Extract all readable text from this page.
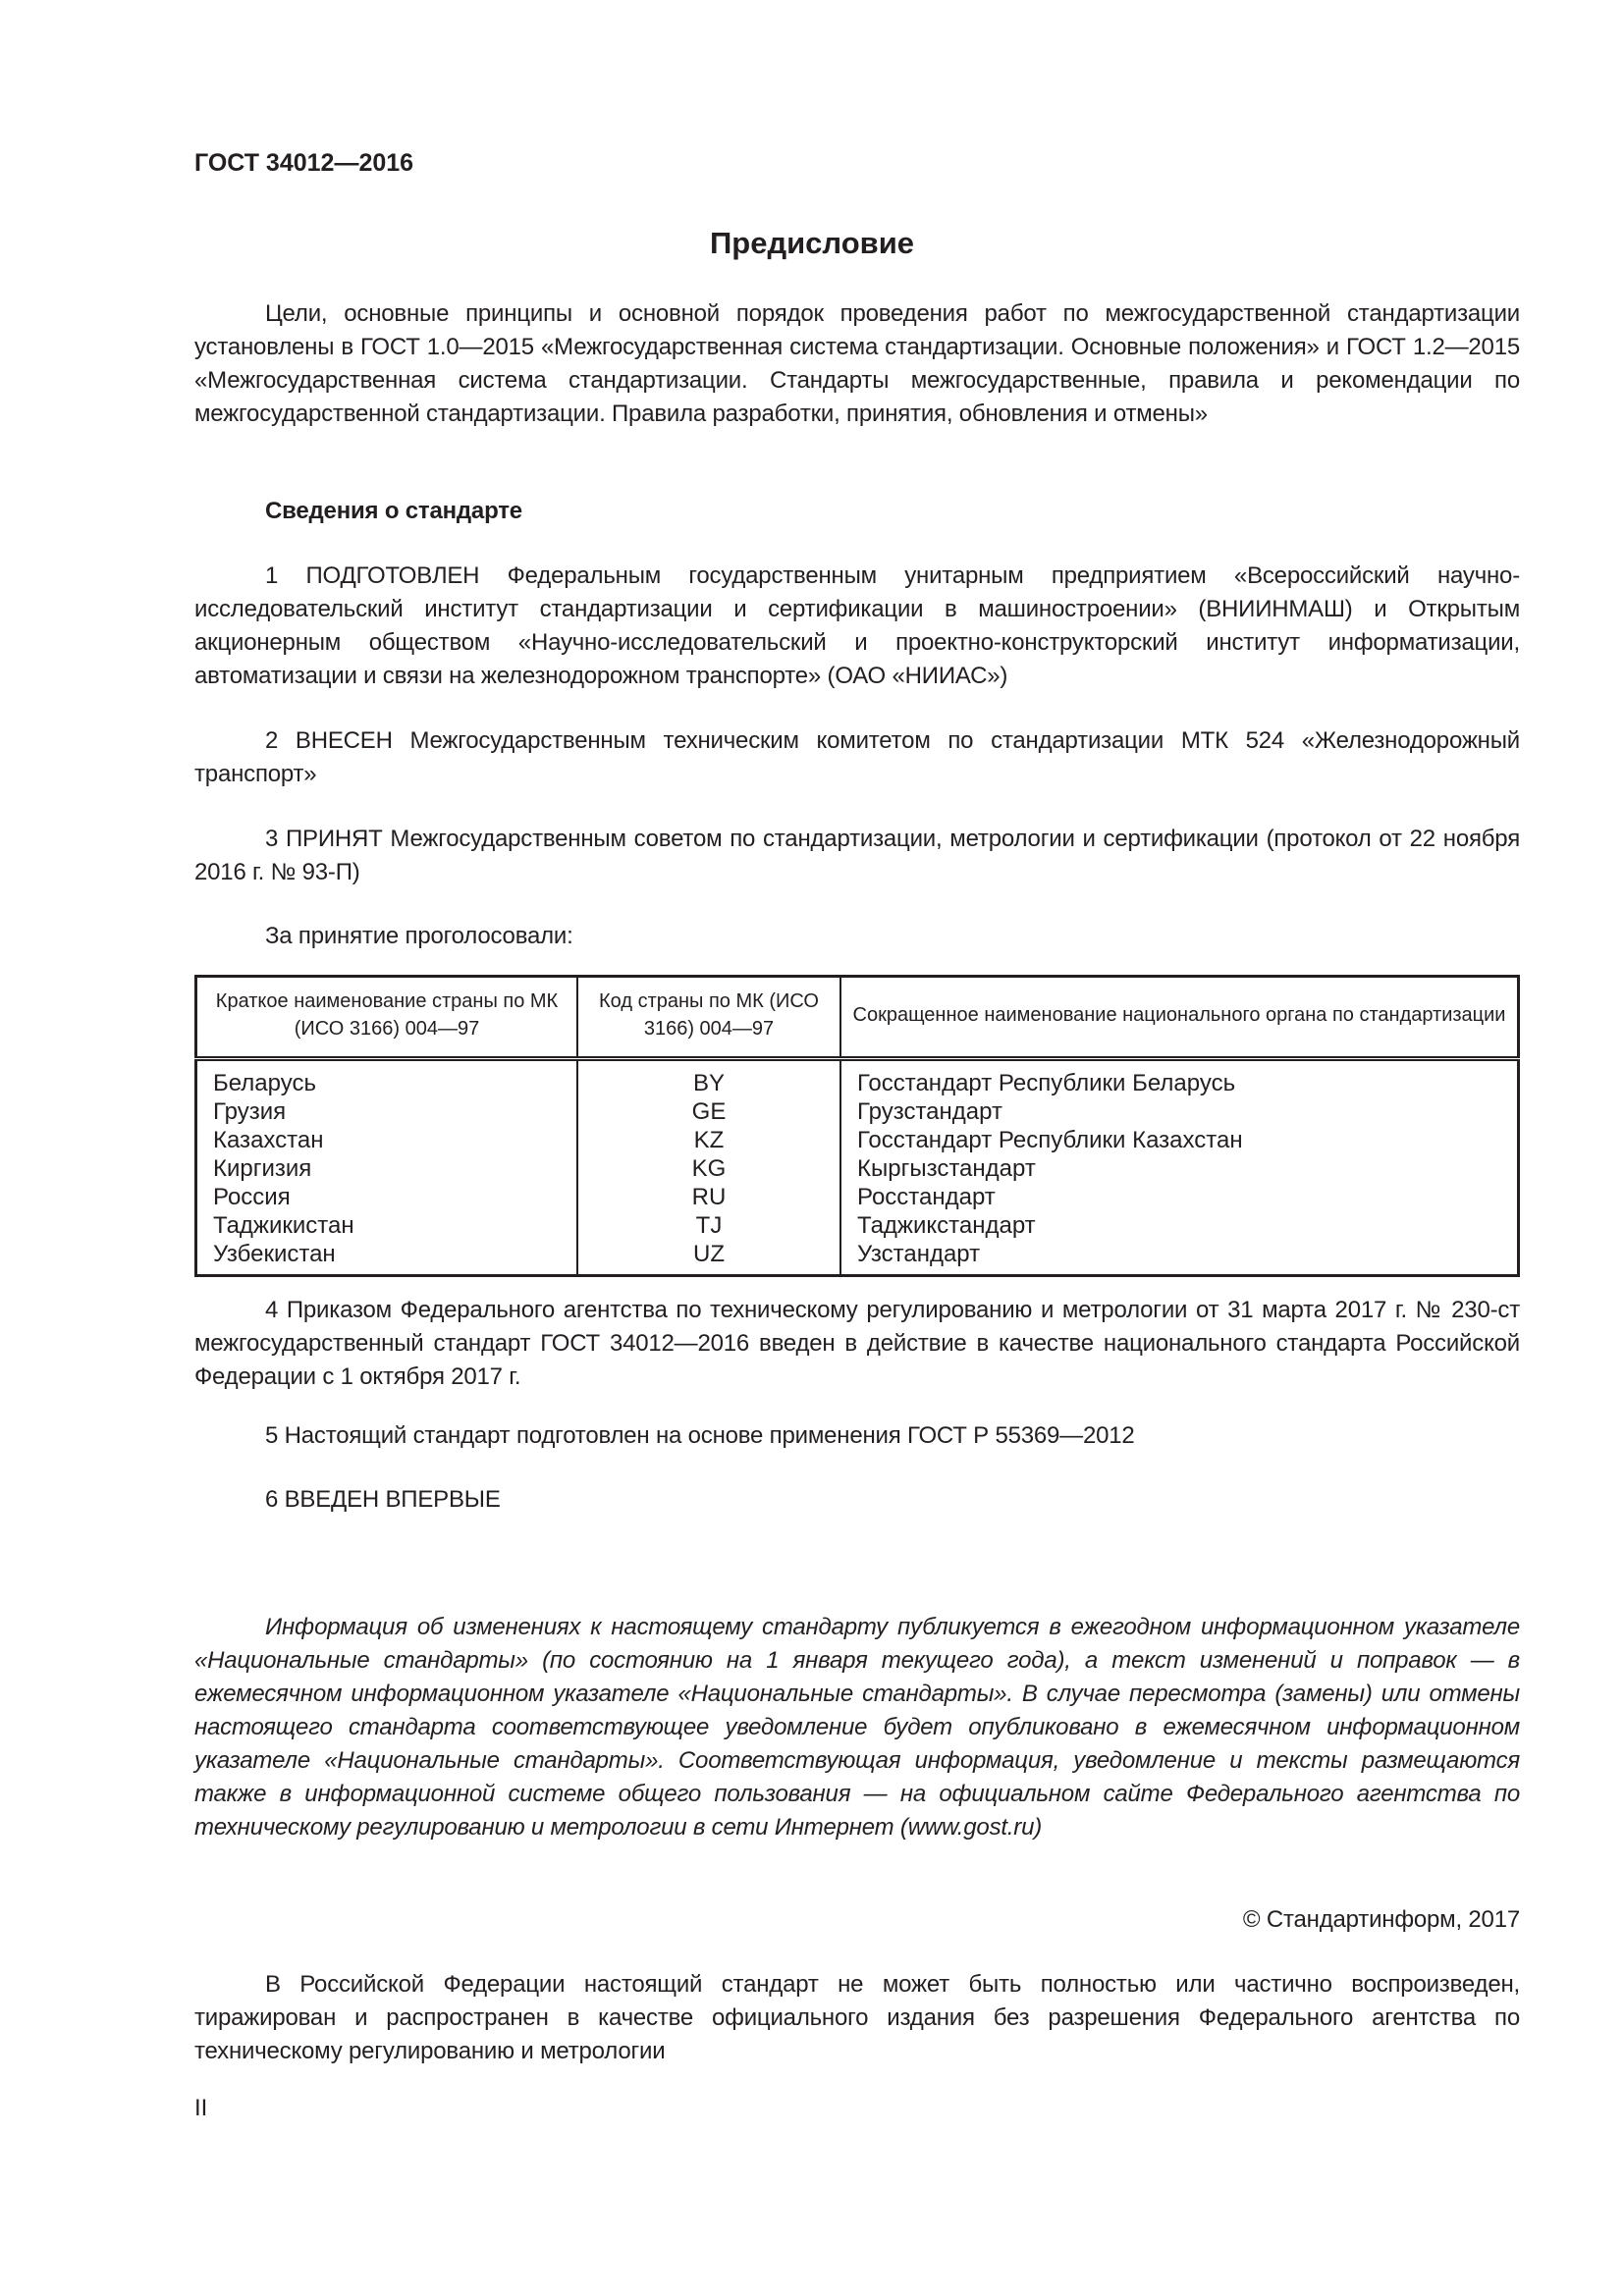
ГОСТ 34012—2016
Предисловие
Цели, основные принципы и основной порядок проведения работ по межгосударственной стандартизации установлены в ГОСТ 1.0—2015 «Межгосударственная система стандартизации. Основные положения» и ГОСТ 1.2—2015 «Межгосударственная система стандартизации. Стандарты межгосударственные, правила и рекомендации по межгосударственной стандартизации. Правила разработки, принятия, обновления и отмены»
Сведения о стандарте
1 ПОДГОТОВЛЕН Федеральным государственным унитарным предприятием «Всероссийский научно-исследовательский институт стандартизации и сертификации в машиностроении» (ВНИИНМАШ) и Открытым акционерным обществом «Научно-исследовательский и проектно-конструкторский институт информатизации, автоматизации и связи на железнодорожном транспорте» (ОАО «НИИАС»)
2 ВНЕСЕН Межгосударственным техническим комитетом по стандартизации МТК 524 «Железнодорожный транспорт»
3 ПРИНЯТ Межгосударственным советом по стандартизации, метрологии и сертификации (протокол от 22 ноября 2016 г. № 93-П)
За принятие проголосовали:
Краткое наименование страны по МК (ИСО 3166) 004—97	Код страны по МК (ИСО 3166) 004—97	Сокращенное наименование национального органа по стандартизации
Беларусь	BY	Госстандарт Республики Беларусь
Грузия	GE	Грузстандарт
Казахстан	KZ	Госстандарт Республики Казахстан
Киргизия	KG	Кыргызстандарт
Россия	RU	Росстандарт
Таджикистан	TJ	Таджикстандарт
Узбекистан	UZ	Узстандарт
4 Приказом Федерального агентства по техническому регулированию и метрологии от 31 марта 2017 г. № 230-ст межгосударственный стандарт ГОСТ 34012—2016 введен в действие в качестве национального стандарта Российской Федерации с 1 октября 2017 г.
5 Настоящий стандарт подготовлен на основе применения ГОСТ Р 55369—2012
6 ВВЕДЕН ВПЕРВЫЕ
Информация об изменениях к настоящему стандарту публикуется в ежегодном информационном указателе «Национальные стандарты» (по состоянию на 1 января текущего года), а текст изменений и поправок — в ежемесячном информационном указателе «Национальные стандарты». В случае пересмотра (замены) или отмены настоящего стандарта соответствующее уведомление будет опубликовано в ежемесячном информационном указателе «Национальные стандарты». Соответствующая информация, уведомление и тексты размещаются также в информационной системе общего пользования — на официальном сайте Федерального агентства по техническому регулированию и метрологии в сети Интернет (www.gost.ru)
© Стандартинформ, 2017
В Российской Федерации настоящий стандарт не может быть полностью или частично воспроизведен, тиражирован и распространен в качестве официального издания без разрешения Федерального агентства по техническому регулированию и метрологии
II
